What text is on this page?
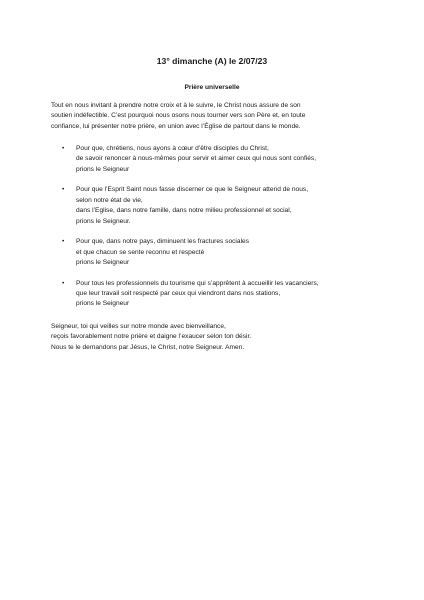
13° dimanche (A) le 2/07/23
Prière universelle

Tout en nous invitant à prendre notre croix et à le suivre, le Christ nous assure de son

soutien indéfectible. C’est pourquoi nous osons nous tourner vers son Père et, en toute

confiance, lui présenter notre prière, en union avec l’Église de partout dans le monde.

• Pour que, chrétiens, nous ayons à cœur d’être disciples du Christ,

de savoir renoncer à nous-mêmes pour servir et aimer ceux qui nous sont confiés,

prions le Seigneur

• Pour que l’Esprit Saint nous fasse discerner ce que le Seigneur attend de nous,

selon notre état de vie,

dans l’Eglise, dans notre famille, dans notre milieu professionnel et social,

prions le Seigneur.

• Pour que, dans notre pays, diminuent les fractures sociales

et que chacun se sente reconnu et respecté

prions le Seigneur

• Pour tous les professionnels du tourisme qui s’apprêtent à accueillir les vacanciers,

que leur travail soit respecté par ceux qui viendront dans nos stations,

prions le Seigneur

Seigneur, toi qui veilles sur notre monde avec bienveillance,

reçois favorablement notre prière et daigne l’exaucer selon ton désir.

Nous te le demandons par Jésus, le Christ, notre Seigneur. Amen.
